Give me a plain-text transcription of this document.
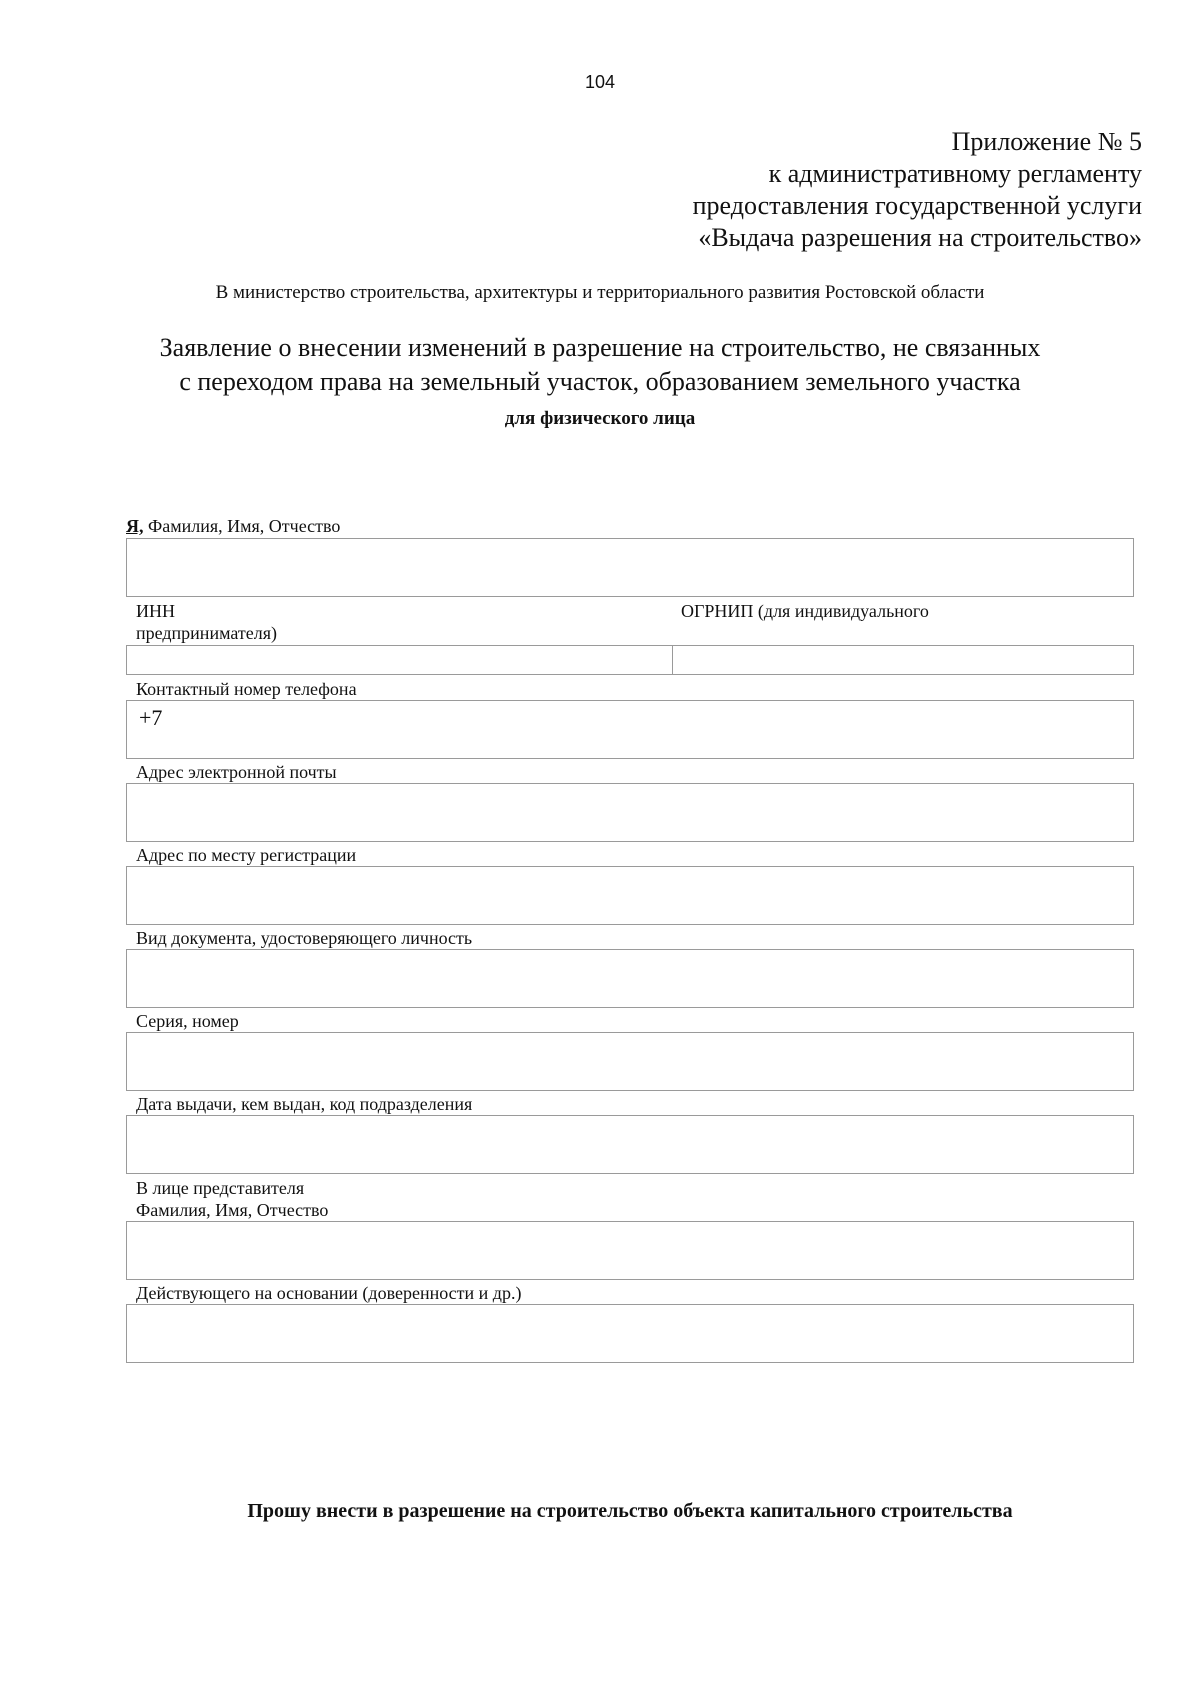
104
Приложение № 5
к административному регламенту
предоставления государственной услуги
«Выдача разрешения на строительство»
В министерство строительства, архитектуры и территориального развития Ростовской области
Заявление о внесении изменений в разрешение на строительство, не связанных
с переходом права на земельный участок, образованием земельного участка
для физического лица
Я, Фамилия, Имя, Отчество
ИНН	ОГРНИП (для индивидуального
предпринимателя)
Контактный номер телефона
+7
Адрес электронной почты
Адрес по месту регистрации
Вид документа, удостоверяющего личность
Серия, номер
Дата выдачи, кем выдан, код подразделения
В лице представителя
Фамилия, Имя, Отчество
Действующего на основании (доверенности и др.)
Прошу внести в разрешение на строительство объекта капитального строительства
